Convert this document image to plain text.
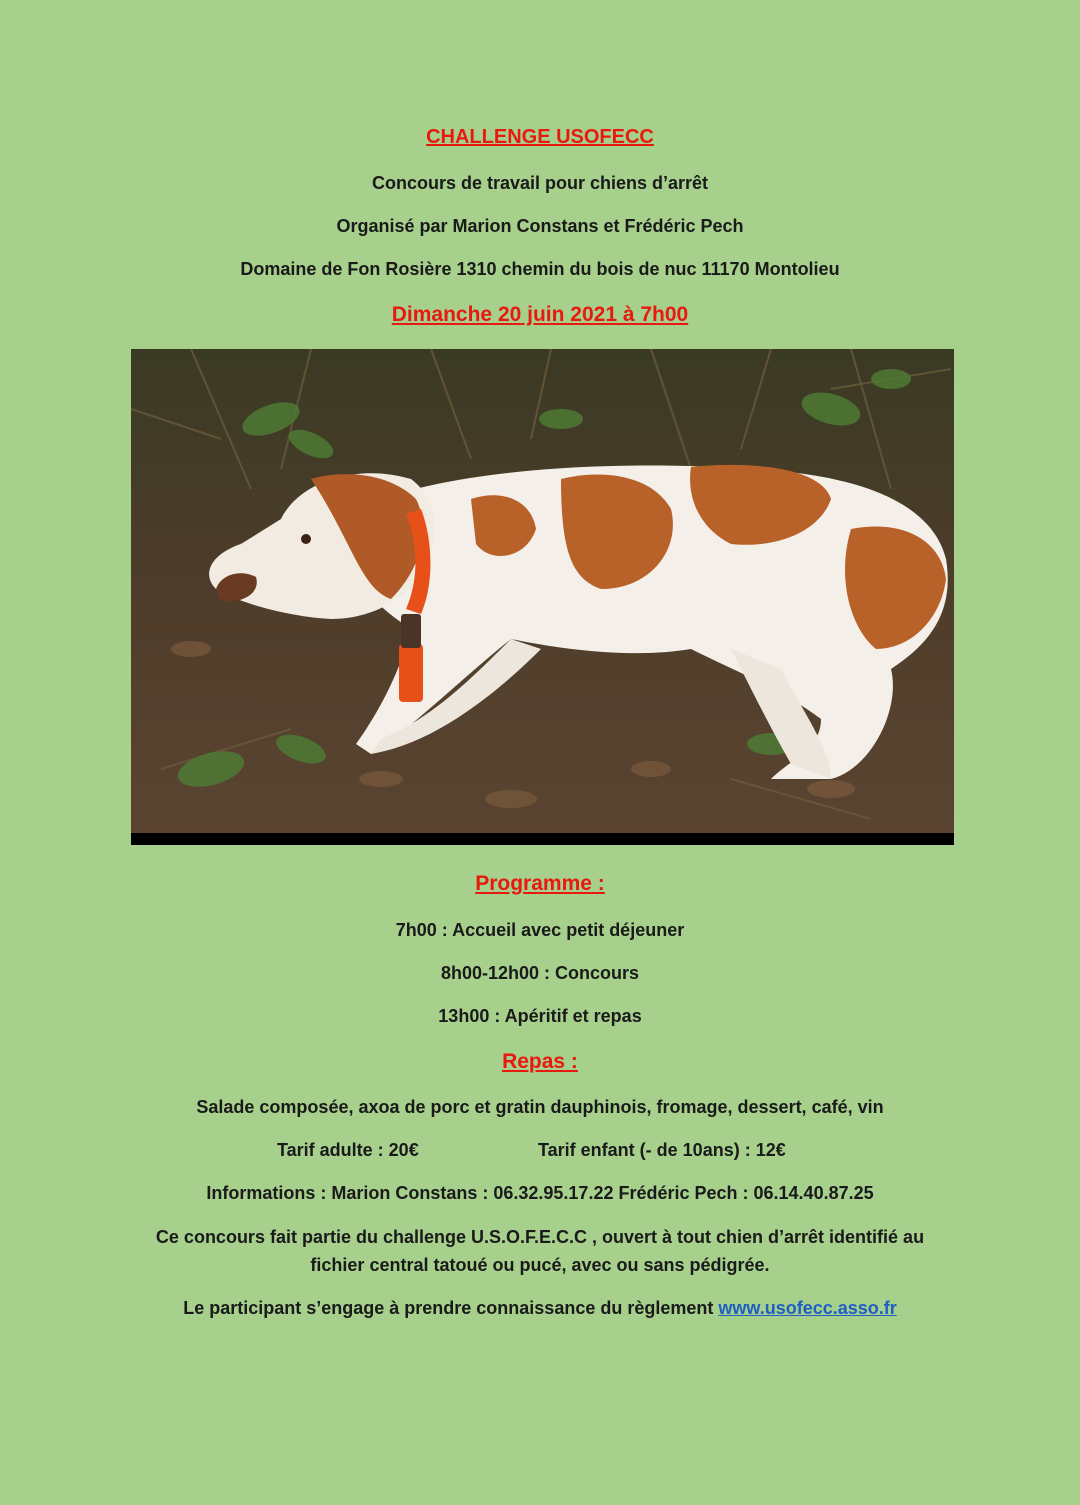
CHALLENGE USOFECC
Concours de travail pour chiens d’arrêt
Organisé par Marion Constans et Frédéric Pech
Domaine de Fon Rosière 1310 chemin du bois de nuc 11170 Montolieu
Dimanche 20 juin 2021 à 7h00
Programme :
7h00 : Accueil avec petit déjeuner
8h00-12h00 : Concours
13h00 : Apéritif et repas
Repas :
Salade composée, axoa de porc et gratin dauphinois, fromage, dessert, café, vin
Tarif adulte : 20€	Tarif enfant (- de 10ans) : 12€
Informations : Marion Constans : 06.32.95.17.22 Frédéric Pech : 06.14.40.87.25
Ce concours fait partie du challenge U.S.O.F.E.C.C , ouvert à tout chien d’arrêt identifié au
fichier central tatoué ou pucé, avec ou sans pédigrée.
Le participant s’engage à prendre connaissance du règlement www.usofecc.asso.fr
